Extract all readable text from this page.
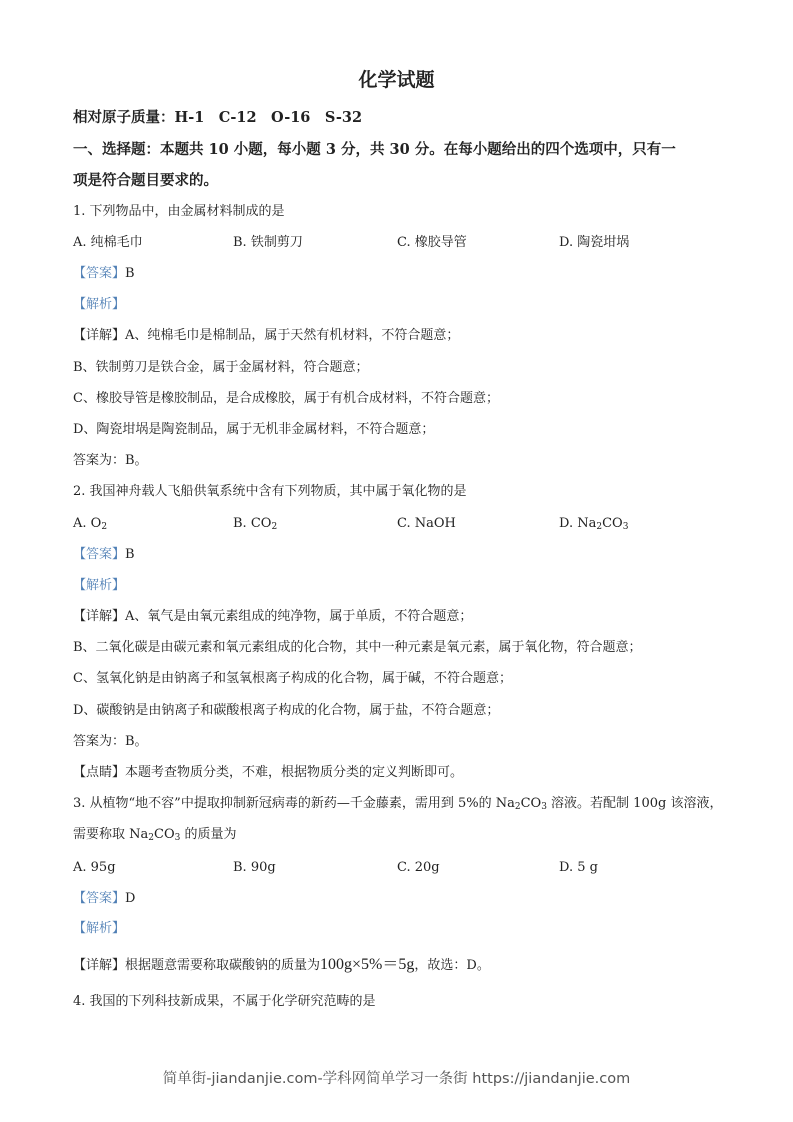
化学试题
相对原子质量：H-1　C-12　O-16　S-32
一、选择题：本题共 10 小题，每小题 3 分，共 30 分。在每小题给出的四个选项中，只有一
项是符合题目要求的。
1. 下列物品中，由金属材料制成的是
A. 纯棉毛巾	B. 铁制剪刀	C. 橡胶导管	D. 陶瓷坩埚
【答案】B
【解析】
【详解】A、纯棉毛巾是棉制品，属于天然有机材料，不符合题意；
B、铁制剪刀是铁合金，属于金属材料，符合题意；
C、橡胶导管是橡胶制品，是合成橡胶，属于有机合成材料，不符合题意；
D、陶瓷坩埚是陶瓷制品，属于无机非金属材料，不符合题意；
答案为：B。
2. 我国神舟载人飞船供氧系统中含有下列物质，其中属于氧化物的是
A. $O_2$	B. $CO_2$	C. NaOH	D. $Na_2CO_3$
【答案】B
【解析】
【详解】A、氧气是由氧元素组成的纯净物，属于单质，不符合题意；
B、二氧化碳是由碳元素和氧元素组成的化合物，其中一种元素是氧元素，属于氧化物，符合题意；
C、氢氧化钠是由钠离子和氢氧根离子构成的化合物，属于碱，不符合题意；
D、碳酸钠是由钠离子和碳酸根离子构成的化合物，属于盐，不符合题意；
答案为：B。
【点睛】本题考查物质分类，不难，根据物质分类的定义判断即可。
3. 从植物“地不容”中提取抑制新冠病毒的新药—千金藤素，需用到 5%的 $Na_2CO_3$ 溶液。若配制 100g 该溶液，
需要称取 $Na_2CO_3$ 的质量为
A. 95g	B. 90g	C. 20g	D. 5 g
【答案】D
【解析】
【详解】根据题意需要称取碳酸钠的质量为100g×5%＝5g，故选：D。
4. 我国的下列科技新成果，不属于化学研究范畴的是
简单街-jiandanjie.com-学科网简单学习一条街 https://jiandanjie.com
